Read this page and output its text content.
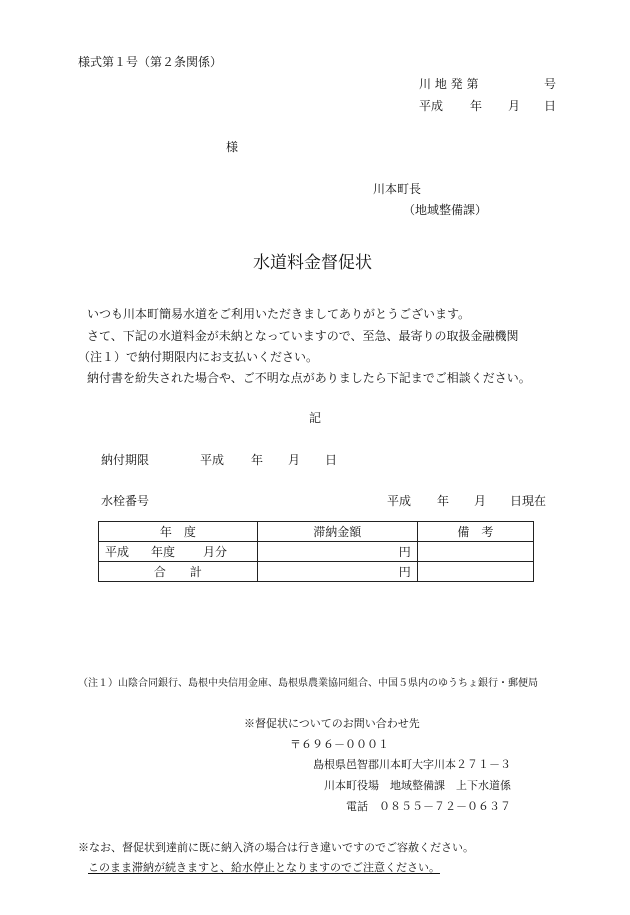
様式第１号（第２条関係）
川 地 発 第	号
平成 年 月 日
様
川本町長
（地域整備課）
水道料金督促状
いつも川本町簡易水道をご利用いただきましてありがとうございます。
さて、下記の水道料金が未納となっていますので、至急、最寄りの取扱金融機関
（注１）で納付期限内にお支払いください。
納付書を紛失された場合や、ご不明な点がありましたら下記までご相談ください。
記
納付期限	平成 年 月 日
水栓番号	平成 年 月 日現在
年　度	滞納金額	備　考
平成 年度 月分	円	
合　　計	円	
（注１）山陰合同銀行、島根中央信用金庫、島根県農業協同組合、中国５県内のゆうちょ銀行・郵便局
※督促状についてのお問い合わせ先
〒６９６－０００１
島根県邑智郡川本町大字川本２７１－３
川本町役場　地域整備課　上下水道係
電話　０８５５－７２－０６３７
※なお、督促状到達前に既に納入済の場合は行き違いですのでご容赦ください。
このまま滞納が続きますと、給水停止となりますのでご注意ください。
